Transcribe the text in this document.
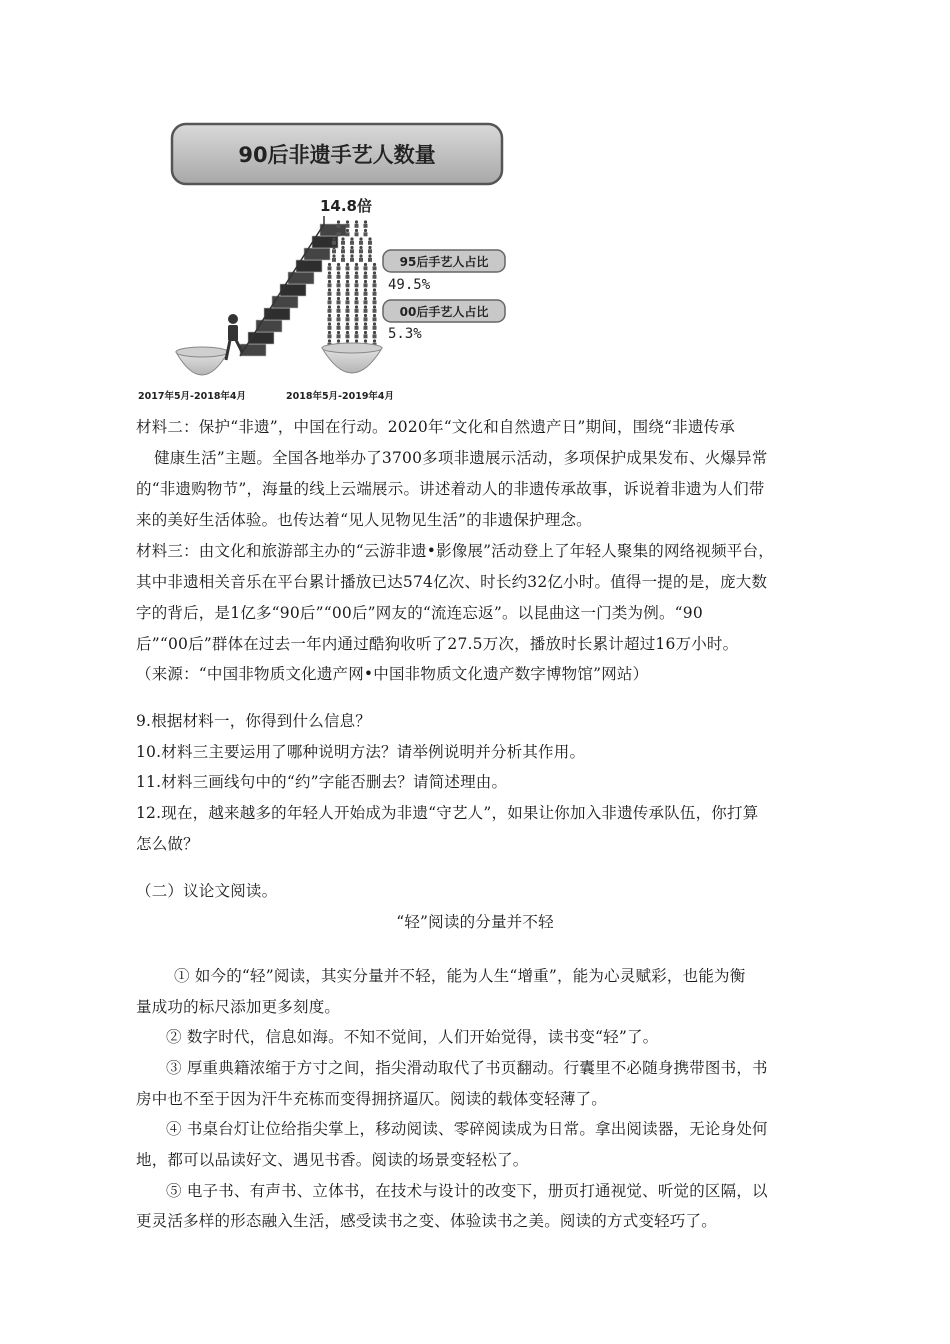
90后非遗手艺人数量
14.8倍
95后手艺人占比
49.5%
00后手艺人占比
5.3%
2017年5月-2018年4月	2018年5月-2019年4月
材料二：保护“非遗”，中国在行动。2020年“文化和自然遗产日”期间，围绕“非遗传承
健康生活”主题。全国各地举办了3700多项非遗展示活动，多项保护成果发布、火爆异常
的“非遗购物节”，海量的线上云端展示。讲述着动人的非遗传承故事，诉说着非遗为人们带
来的美好生活体验。也传达着“见人见物见生活”的非遗保护理念。
材料三：由文化和旅游部主办的“云游非遗•影像展”活动登上了年轻人聚集的网络视频平台，
其中非遗相关音乐在平台累计播放已达574亿次、时长约32亿小时。值得一提的是，庞大数
字的背后，是1亿多“90后”“00后”网友的“流连忘返”。以昆曲这一门类为例。“90
后”“00后”群体在过去一年内通过酷狗收听了27.5万次，播放时长累计超过16万小时。
（来源：“中国非物质文化遗产网•中国非物质文化遗产数字博物馆”网站）
9.根据材料一，你得到什么信息？
10.材料三主要运用了哪种说明方法？请举例说明并分析其作用。
11.材料三画线句中的“约”字能否删去？请简述理由。
12.现在，越来越多的年轻人开始成为非遗“守艺人”，如果让你加入非遗传承队伍，你打算
怎么做？
（二）议论文阅读。
“轻”阅读的分量并不轻
① 如今的“轻”阅读，其实分量并不轻，能为人生“增重”，能为心灵赋彩，也能为衡
量成功的标尺添加更多刻度。
② 数字时代，信息如海。不知不觉间，人们开始觉得，读书变“轻”了。
③ 厚重典籍浓缩于方寸之间，指尖滑动取代了书页翻动。行囊里不必随身携带图书，书
房中也不至于因为汗牛充栋而变得拥挤逼仄。阅读的载体变轻薄了。
④ 书桌台灯让位给指尖掌上，移动阅读、零碎阅读成为日常。拿出阅读器，无论身处何
地，都可以品读好文、遇见书香。阅读的场景变轻松了。
⑤ 电子书、有声书、立体书，在技术与设计的改变下，册页打通视觉、听觉的区隔，以
更灵活多样的形态融入生活，感受读书之变、体验读书之美。阅读的方式变轻巧了。
